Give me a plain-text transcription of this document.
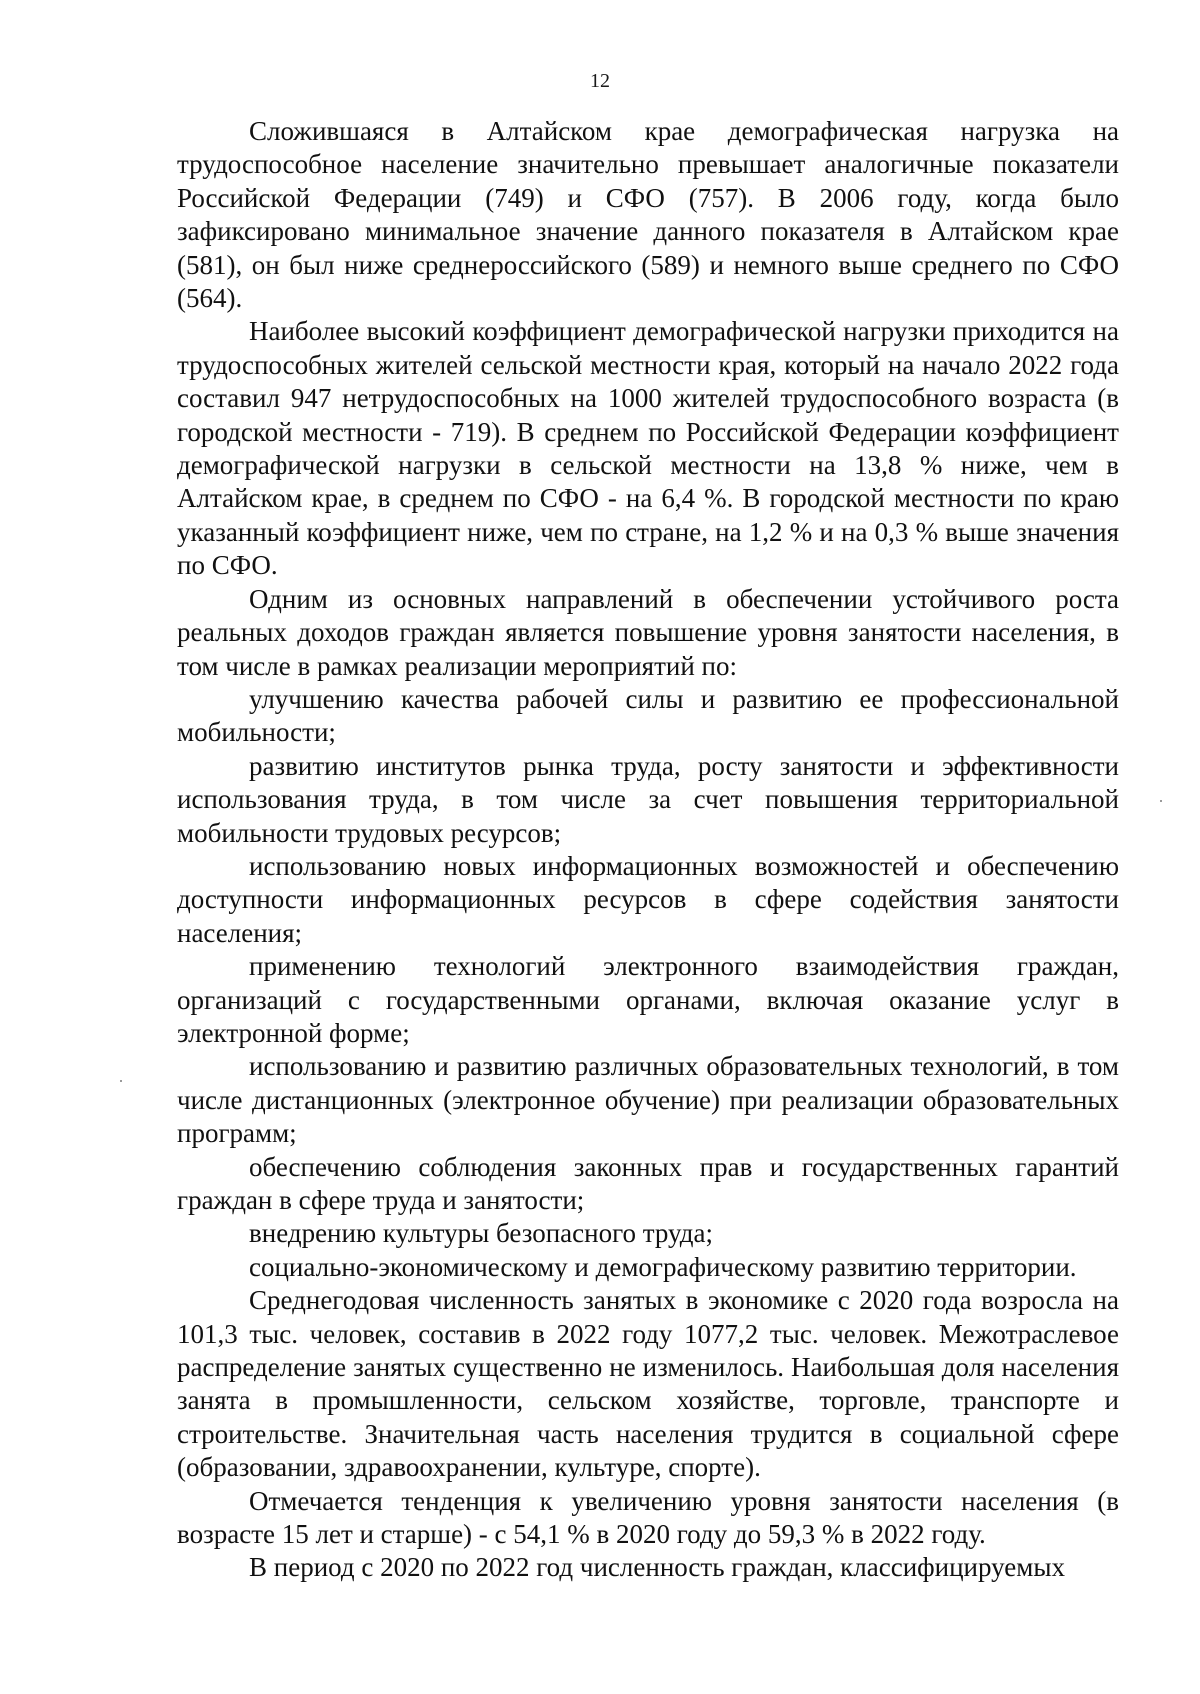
12

Сложившаяся в Алтайском крае демографическая нагрузка на трудоспособное население значительно превышает аналогичные показатели Российской Федерации (749) и СФО (757). В 2006 году, когда было зафиксировано минимальное значение данного показателя в Алтайском крае (581), он был ниже среднероссийского (589) и немного выше среднего по СФО (564).

Наиболее высокий коэффициент демографической нагрузки приходится на трудоспособных жителей сельской местности края, который на начало 2022 года составил 947 нетрудоспособных на 1000 жителей трудоспособного возраста (в городской местности - 719). В среднем по Российской Федерации коэффициент демографической нагрузки в сельской местности на 13,8 % ниже, чем в Алтайском крае, в среднем по СФО - на 6,4 %. В городской местности по краю указанный коэффициент ниже, чем по стране, на 1,2 % и на 0,3 % выше значения по СФО.

Одним из основных направлений в обеспечении устойчивого роста реальных доходов граждан является повышение уровня занятости населения, в том числе в рамках реализации мероприятий по:

улучшению качества рабочей силы и развитию ее профессиональной мобильности;

развитию институтов рынка труда, росту занятости и эффективности использования труда, в том числе за счет повышения территориальной мобильности трудовых ресурсов;

использованию новых информационных возможностей и обеспечению доступности информационных ресурсов в сфере содействия занятости населения;

применению технологий электронного взаимодействия граждан, организаций с государственными органами, включая оказание услуг в электронной форме;

использованию и развитию различных образовательных технологий, в том числе дистанционных (электронное обучение) при реализации образовательных программ;

обеспечению соблюдения законных прав и государственных гарантий граждан в сфере труда и занятости;

внедрению культуры безопасного труда;

социально-экономическому и демографическому развитию территории.

Среднегодовая численность занятых в экономике с 2020 года возросла на 101,3 тыс. человек, составив в 2022 году 1077,2 тыс. человек. Межотраслевое распределение занятых существенно не изменилось. Наибольшая доля населения занята в промышленности, сельском хозяйстве, торговле, транспорте и строительстве. Значительная часть населения трудится в социальной сфере (образовании, здравоохранении, культуре, спорте).

Отмечается тенденция к увеличению уровня занятости населения (в возрасте 15 лет и старше) - с 54,1 % в 2020 году до 59,3 % в 2022 году.

В период с 2020 по 2022 год численность граждан, классифицируемых
